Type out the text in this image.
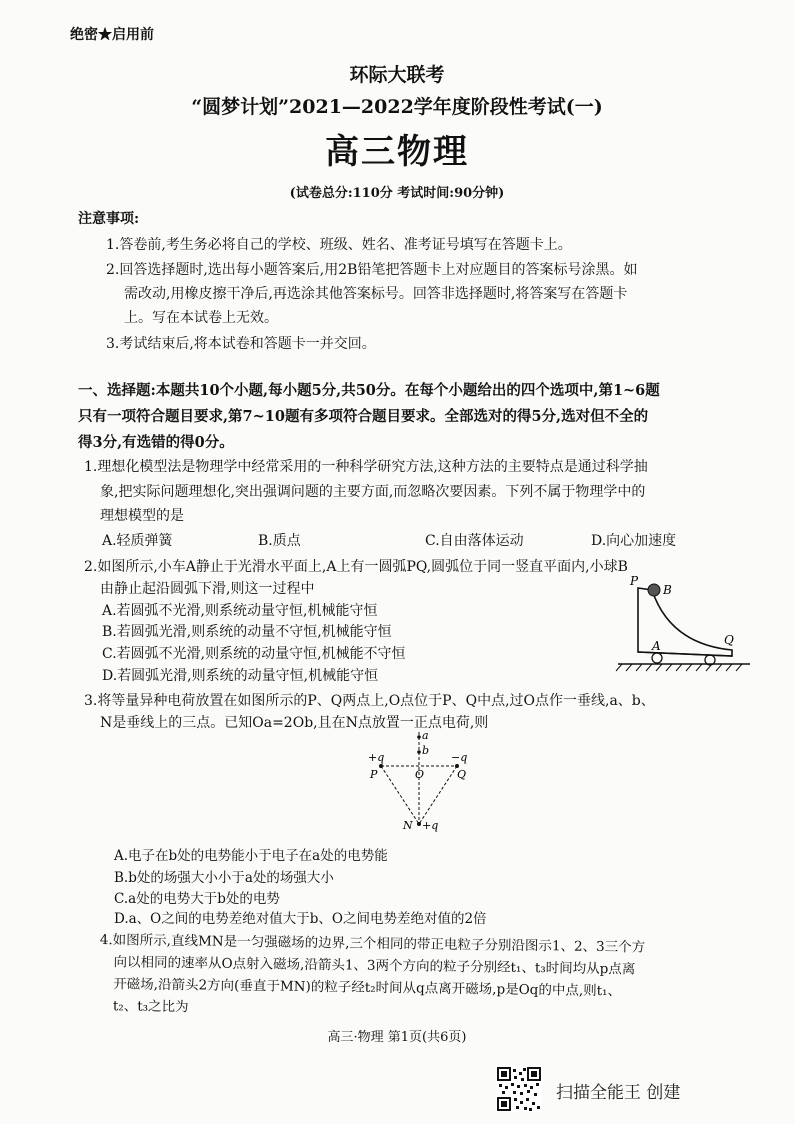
绝密★启用前
环际大联考
“圆梦计划”2021—2022学年度阶段性考试(一)
高三物理
(试卷总分:110分 考试时间:90分钟)
注意事项:
1.答卷前,考生务必将自己的学校、班级、姓名、准考证号填写在答题卡上。
2.回答选择题时,选出每小题答案后,用2B铅笔把答题卡上对应题目的答案标号涂黑。如
需改动,用橡皮擦干净后,再选涂其他答案标号。回答非选择题时,将答案写在答题卡
上。写在本试卷上无效。
3.考试结束后,将本试卷和答题卡一并交回。
一、选择题:本题共10个小题,每小题5分,共50分。在每个小题给出的四个选项中,第1~6题
只有一项符合题目要求,第7~10题有多项符合题目要求。全部选对的得5分,选对但不全的
得3分,有选错的得0分。
1.理想化模型法是物理学中经常采用的一种科学研究方法,这种方法的主要特点是通过科学抽
象,把实际问题理想化,突出强调问题的主要方面,而忽略次要因素。下列不属于物理学中的
理想模型的是
A.轻质弹簧	B.质点	C.自由落体运动	D.向心加速度
2.如图所示,小车A静止于光滑水平面上,A上有一圆弧PQ,圆弧位于同一竖直平面内,小球B
由静止起沿圆弧下滑,则这一过程中
A.若圆弧不光滑,则系统动量守恒,机械能守恒
B.若圆弧光滑,则系统的动量不守恒,机械能守恒
C.若圆弧不光滑,则系统的动量守恒,机械能不守恒
D.若圆弧光滑,则系统的动量守恒,机械能守恒
P
B
A	Q
3.将等量异种电荷放置在如图所示的P、Q两点上,O点位于P、Q中点,过O点作一垂线,a、b、
N是垂线上的三点。已知Oa=2Ob,且在N点放置一正点电荷,则
a
b
+q	−q
P	O	Q
N +q
A.电子在b处的电势能小于电子在a处的电势能
B.b处的场强大小小于a处的场强大小
C.a处的电势大于b处的电势
D.a、O之间的电势差绝对值大于b、O之间电势差绝对值的2倍
4.如图所示,直线MN是一匀强磁场的边界,三个相同的带正电粒子分别沿图示1、2、3三个方
向以相同的速率从O点射入磁场,沿箭头1、3两个方向的粒子分别经t₁、t₃时间均从p点离
开磁场,沿箭头2方向(垂直于MN)的粒子经t₂时间从q点离开磁场,p是Oq的中点,则t₁、
t₂、t₃之比为
高三·物理 第1页(共6页)
扫描全能王 创建
